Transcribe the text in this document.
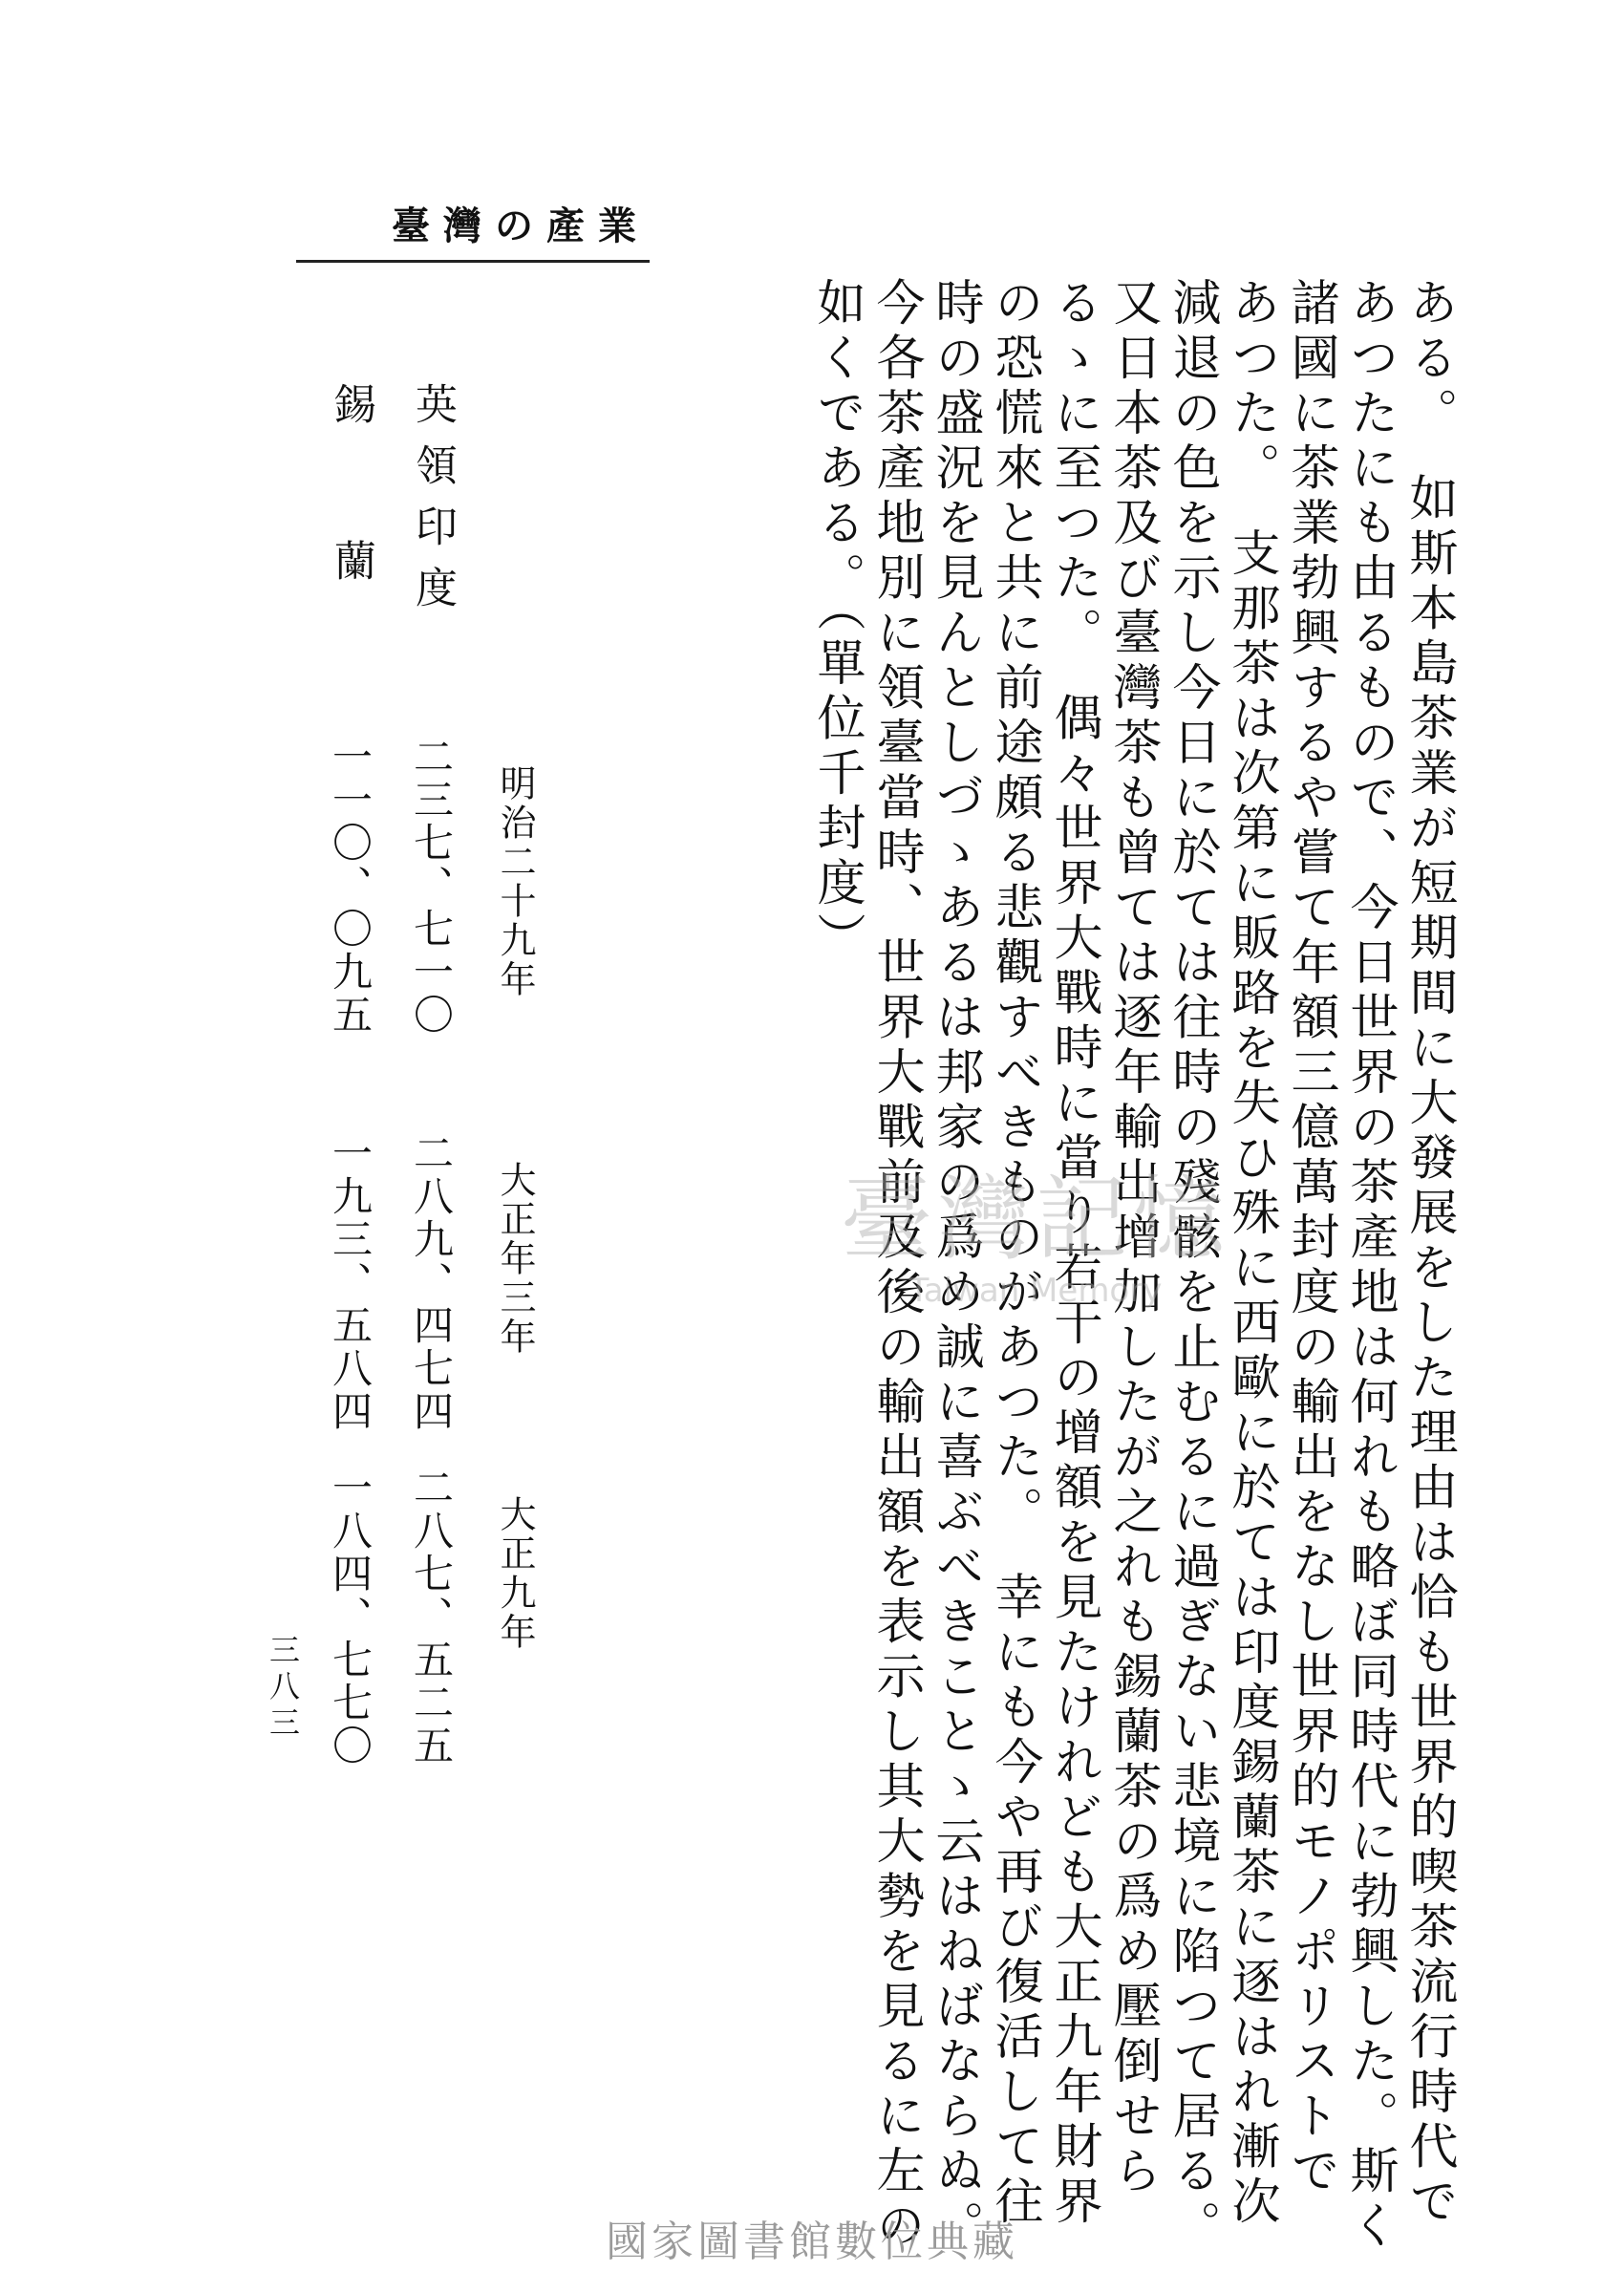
臺灣の產業
ある。　如斯本島茶業が短期間に大發展をした理由は恰も世界的喫茶流行時代で
あつたにも由るもので、今日世界の茶產地は何れも略ぼ同時代に勃興した。斯く
諸國に茶業勃興するや嘗て年額三億萬封度の輸出をなし世界的モノポリストで
あつた。　支那茶は次第に販路を失ひ殊に西歐に於ては印度錫蘭茶に逐はれ漸次
減退の色を示し今日に於ては往時の殘骸を止むるに過ぎない悲境に陷つて居る。
又日本茶及び臺灣茶も曾ては逐年輸出增加したが之れも錫蘭茶の爲め壓倒せら
るゝに至つた。　偶々世界大戰時に當り若干の增額を見たけれども大正九年財界
の恐慌來と共に前途頗る悲觀すべきものがあつた。　幸にも今や再び復活して往
時の盛況を見んとしづゝあるは邦家の爲め誠に喜ぶべきことゝ云はねばならぬ。
今各茶產地別に領臺當時、世界大戰前及後の輸出額を表示し其大勢を見るに左の
如くである。（單位千封度）
明治二十九年
大正年三年
大正九年
英領印度
二三七、七一〇
二八九、四七四
二八七、五二五
錫蘭
一一〇、〇九五
一九三、五八四
一八四、七七〇
三八三
臺灣記憶
Taiwan Memory
國家圖書館數位典藏
